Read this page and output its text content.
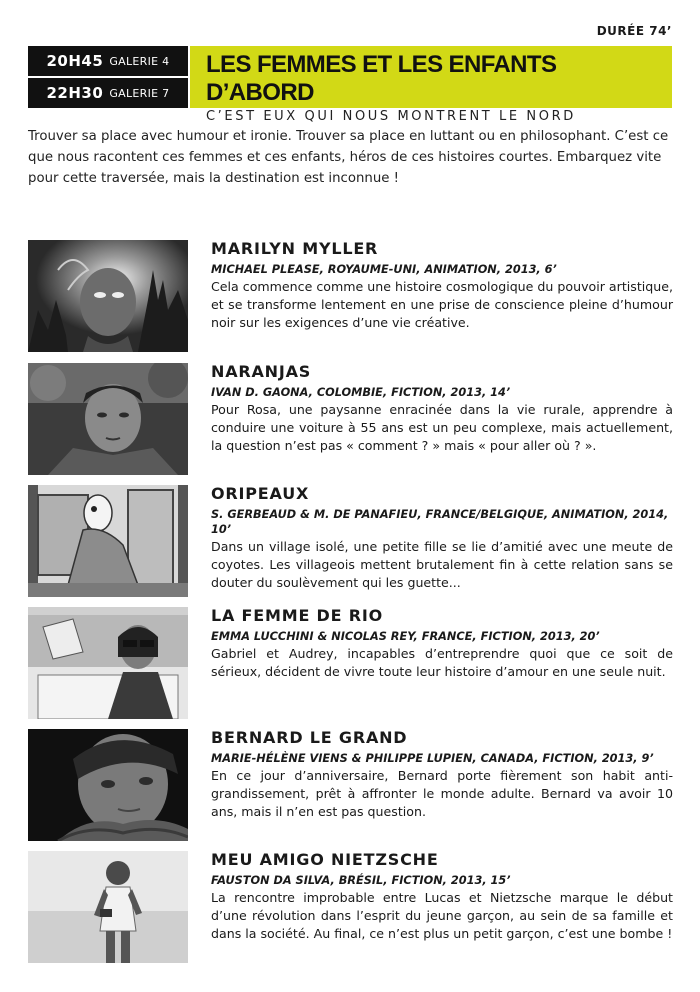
DURÉE 74’
20H45 GALERIE 4
22H30 GALERIE 7
LES FEMMES ET LES ENFANTS D’ABORD
C’EST EUX QUI NOUS MONTRENT LE NORD
Trouver sa place avec humour et ironie. Trouver sa place en luttant ou en philosophant. C’est ce que nous racontent ces femmes et ces enfants, héros de ces histoires courtes. Embarquez vite pour cette traversée, mais la destination est inconnue !
MARILYN MYLLER
MICHAEL PLEASE, ROYAUME-UNI, ANIMATION, 2013, 6’
Cela commence comme une histoire cosmologique du pouvoir artistique, et se transforme lentement en une prise de conscience pleine d’humour noir sur les exigences d’une vie créative.
NARANJAS
IVAN D. GAONA, COLOMBIE, FICTION, 2013, 14’
Pour Rosa, une paysanne enracinée dans la vie rurale, apprendre à conduire une voiture à 55 ans est un peu complexe, mais actuellement, la question n’est pas « comment ? » mais « pour aller où ? ».
ORIPEAUX
S. GERBEAUD & M. DE PANAFIEU, FRANCE/BELGIQUE, ANIMATION, 2014, 10’
Dans un village isolé, une petite fille se lie d’amitié avec une meute de coyotes. Les villageois mettent brutalement fin à cette relation sans se douter du soulèvement qui les guette...
LA FEMME DE RIO
EMMA LUCCHINI & NICOLAS REY, FRANCE, FICTION, 2013, 20’
Gabriel et Audrey, incapables d’entreprendre quoi que ce soit de sérieux, décident de vivre toute leur histoire d’amour en une seule nuit.
BERNARD LE GRAND
MARIE-HÉLÈNE VIENS & PHILIPPE LUPIEN, CANADA, FICTION, 2013, 9’
En ce jour d’anniversaire, Bernard porte fièrement son habit anti-grandissement, prêt à affronter le monde adulte. Bernard va avoir 10 ans, mais il n’en est pas question.
MEU AMIGO NIETZSCHE
FAUSTON DA SILVA, BRÉSIL, FICTION, 2013, 15’
La rencontre improbable entre Lucas et Nietzsche marque le début d’une révolution dans l’esprit du jeune garçon, au sein de sa famille et dans la société. Au final, ce n’est plus un petit garçon, c’est une bombe !
